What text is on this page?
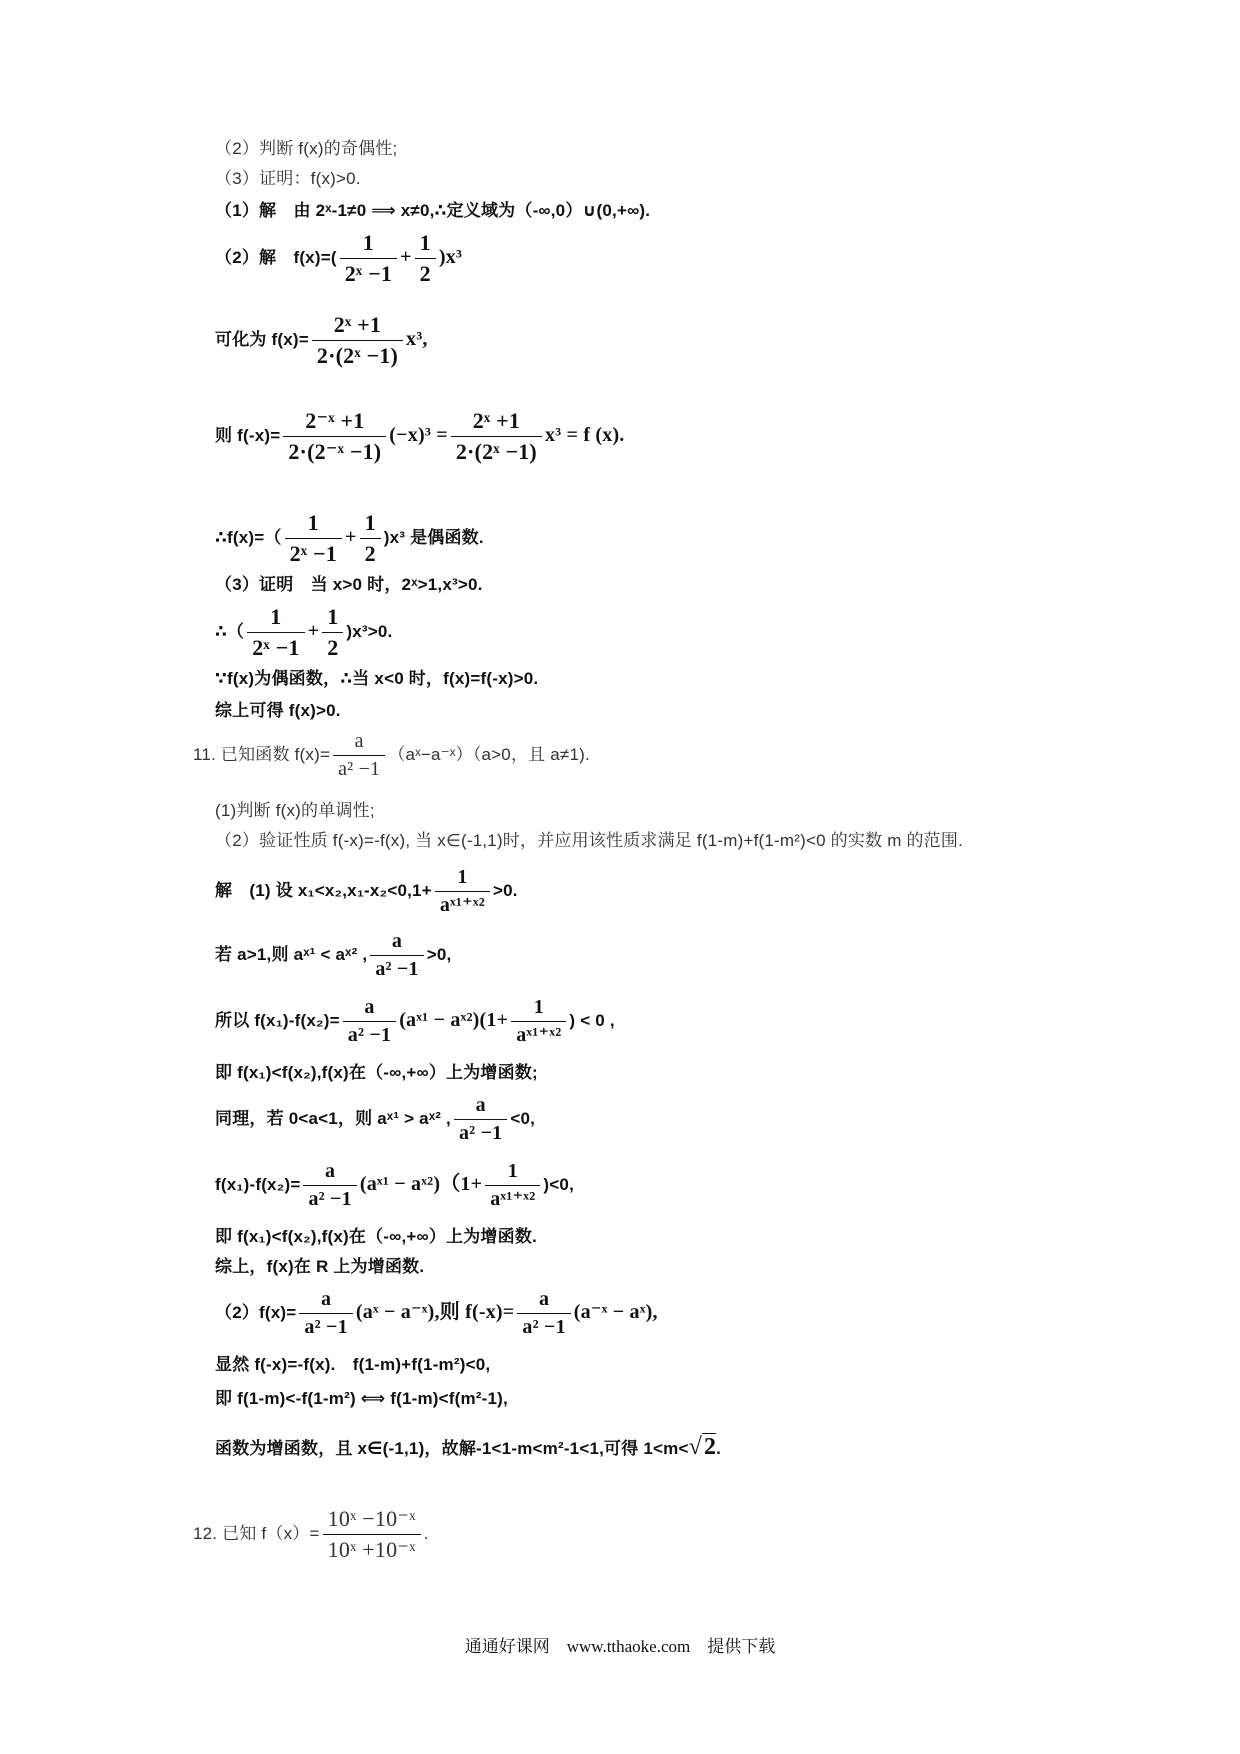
（2）判断 f(x)的奇偶性;
（3）证明：f(x)>0.
（1）解　由 2ˣ-1≠0 ⟹ x≠0,∴定义域为（-∞,0）∪(0,+∞).
（2）解　$f(x)=( \frac{1}{\text{2ˣ −1}} + \frac{1}{2} )x^3$
可化为 $f(x)= \frac{\text{2ˣ +1}}{\text{2·(2ˣ −1)}} x^3$,
则 $f(-x)= \frac{\text{2⁻ˣ +1}}{\text{2·(2⁻ˣ −1)}} (-x)^3 = \frac{\text{2ˣ +1}}{\text{2·(2ˣ −1)}} x^3 = f$ (x).
∴f(x)=（ $\frac{1}{\text{2ˣ −1}} + \frac{1}{2} )x^3$ 是偶函数.
（3）证明　当 x>0 时，2ˣ>1,x³>0.
∴（ $\frac{1}{\text{2ˣ −1}} + \frac{1}{2} )x^3>0$.
∵f(x)为偶函数，∴当 x<0 时，f(x)=f(-x)>0.
综上可得 f(x)>0.
11. 已知函数 $f(x)= \frac{a}{\text{a² −1}}$ （aˣ−a⁻ˣ）（a>0，且 a≠1).
(1)判断 f(x)的单调性;
（2）验证性质 f(-x)=-f(x), 当 x∈(-1,1)时，并应用该性质求满足 f(1-m)+f(1-m²)<0 的实数 m 的范围.
解　(1) 设 $x_1<x_2,x_1-x_2<0,1+ \frac{1}{\text{aˣ¹⁺ˣ²}} >0$.
若 a>1,则 aˣ¹ < aˣ² , $\frac{a}{\text{a² −1}} >0$,
所以 $f(x_1)-f(x_2)= \frac{a}{\text{a² −1}}$ (aˣ¹ − aˣ²)(1+ $\frac{1}{\text{aˣ¹⁺ˣ²}}$ ) < 0 ,
即 f(x₁)<f(x₂),f(x)在（-∞,+∞）上为增函数;
同理，若 0<a<1，则 aˣ¹ > aˣ² , $\frac{a}{\text{a² −1}} <0$,
$f(x_1)-f(x_2)= \frac{a}{\text{a² −1}}$ (aˣ¹ − aˣ²)（1+ $\frac{1}{\text{aˣ¹⁺ˣ²}} )<0$,
即 f(x₁)<f(x₂),f(x)在（-∞,+∞）上为增函数.
综上，f(x)在 R 上为增函数.
$(2)f(x)= \frac{a}{\text{a² −1}}$ (aˣ − a⁻ˣ),则 $f(-x)= \frac{a}{\text{a² −1}}$ (a⁻ˣ − aˣ),
显然 f(-x)=-f(x).　f(1-m)+f(1-m²)<0,
即 f(1-m)<-f(1-m²) ⟺ f(1-m)<f(m²-1),
函数为增函数，且 x∈(-1,1)，故解-1<1-m<m²-1<1,可得 1<m<√2.
12. 已知 $f(x)= \frac{\text{10ˣ −10⁻ˣ}}{\text{10ˣ +10⁻ˣ}}$ .
通通好课网　www.tthaoke.com　提供下载
